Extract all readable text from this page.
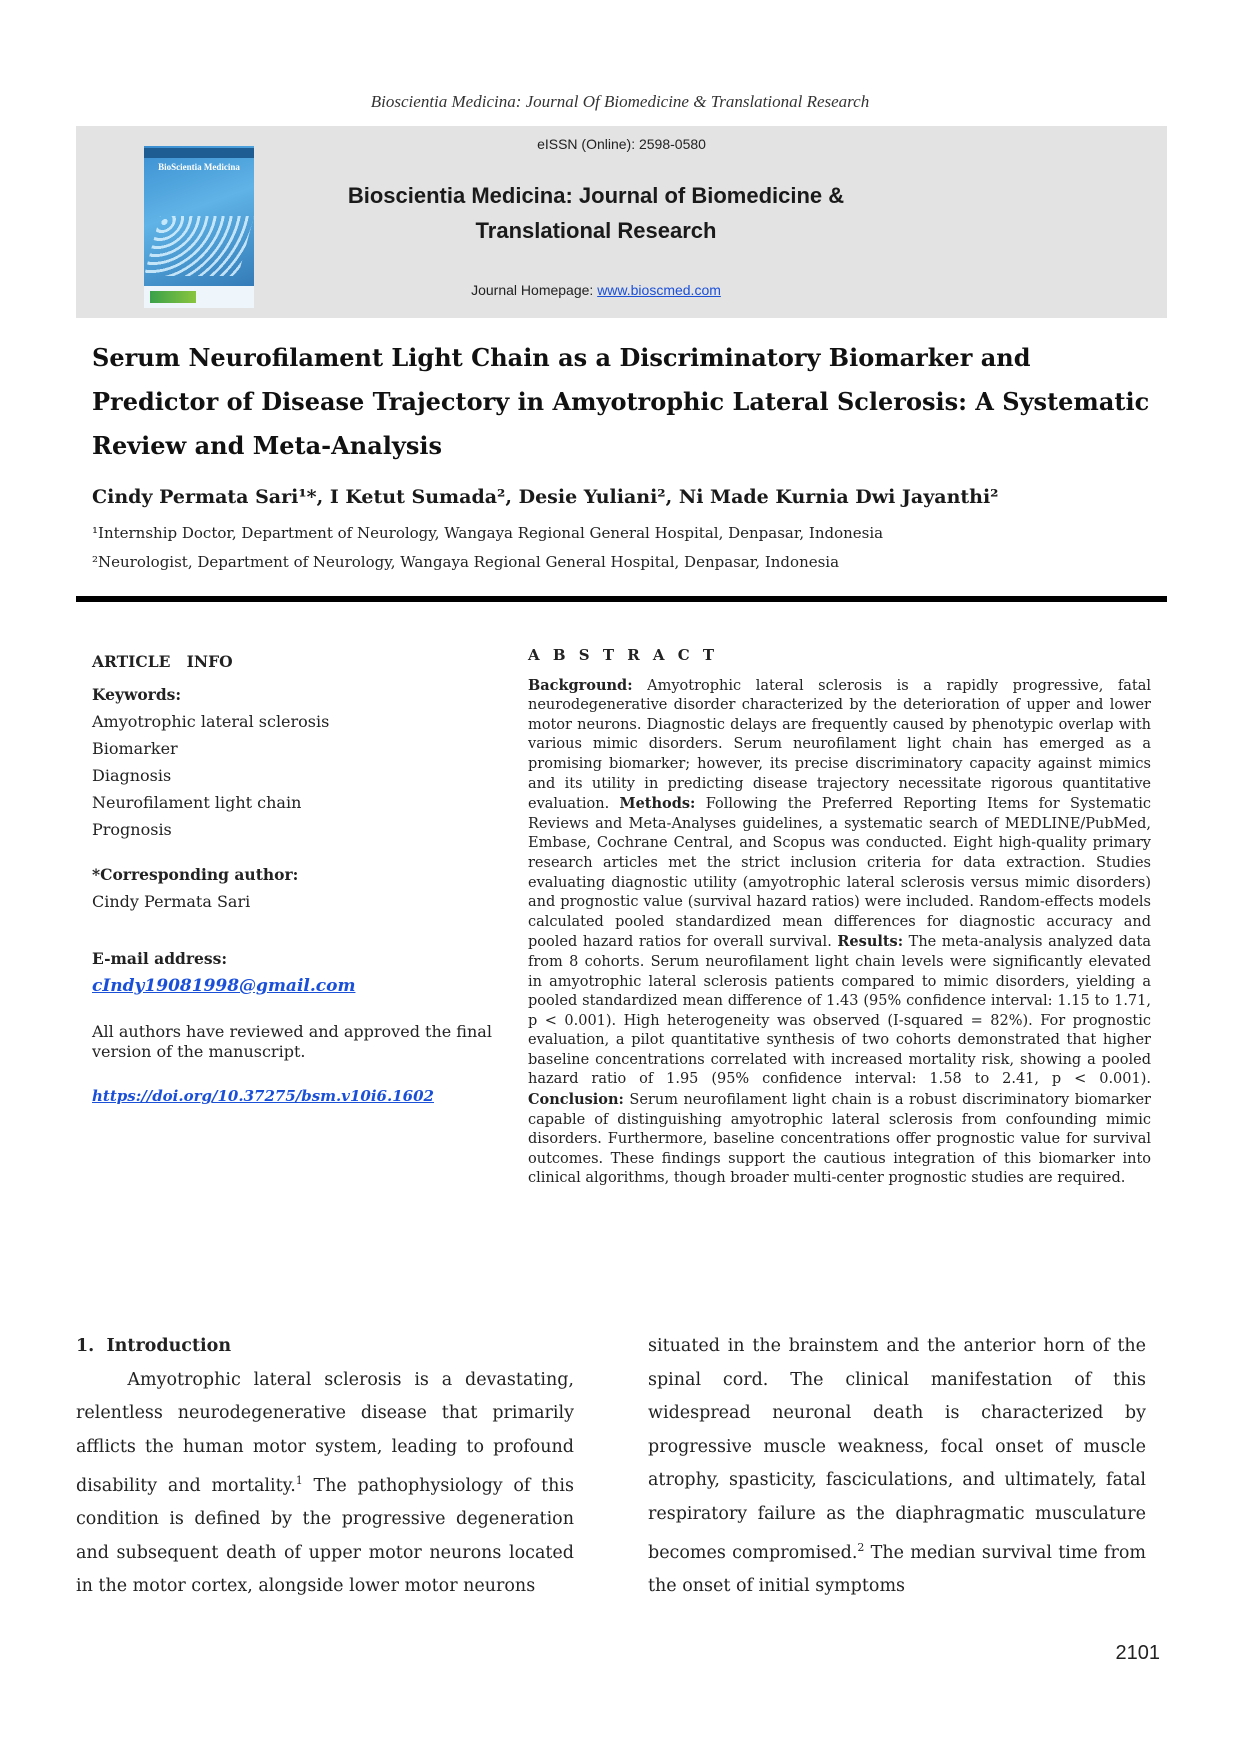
Bioscientia Medicina: Journal Of Biomedicine & Translational Research
eISSN (Online): 2598-0580
BioScientia Medicina
Bioscientia Medicina: Journal of Biomedicine &
Translational Research
Journal Homepage: www.bioscmed.com
Serum Neurofilament Light Chain as a Discriminatory Biomarker and Predictor of Disease Trajectory in Amyotrophic Lateral Sclerosis: A Systematic Review and Meta-Analysis
Cindy Permata Sari¹*, I Ketut Sumada², Desie Yuliani², Ni Made Kurnia Dwi Jayanthi²
¹Internship Doctor, Department of Neurology, Wangaya Regional General Hospital, Denpasar, Indonesia
²Neurologist, Department of Neurology, Wangaya Regional General Hospital, Denpasar, Indonesia
ARTICLE   INFO
Keywords:
Amyotrophic lateral sclerosis
Biomarker
Diagnosis
Neurofilament light chain
Prognosis
*Corresponding author:
Cindy Permata Sari
E-mail address:
cIndy19081998@gmail.com
All authors have reviewed and approved the final version of the manuscript.
https://doi.org/10.37275/bsm.v10i6.1602
A B S T R A C T

Background: Amyotrophic lateral sclerosis is a rapidly progressive, fatal neurodegenerative disorder characterized by the deterioration of upper and lower motor neurons. Diagnostic delays are frequently caused by phenotypic overlap with various mimic disorders. Serum neurofilament light chain has emerged as a promising biomarker; however, its precise discriminatory capacity against mimics and its utility in predicting disease trajectory necessitate rigorous quantitative evaluation. Methods: Following the Preferred Reporting Items for Systematic Reviews and Meta-Analyses guidelines, a systematic search of MEDLINE/PubMed, Embase, Cochrane Central, and Scopus was conducted. Eight high-quality primary research articles met the strict inclusion criteria for data extraction. Studies evaluating diagnostic utility (amyotrophic lateral sclerosis versus mimic disorders) and prognostic value (survival hazard ratios) were included. Random-effects models calculated pooled standardized mean differences for diagnostic accuracy and pooled hazard ratios for overall survival. Results: The meta-analysis analyzed data from 8 cohorts. Serum neurofilament light chain levels were significantly elevated in amyotrophic lateral sclerosis patients compared to mimic disorders, yielding a pooled standardized mean difference of 1.43 (95% confidence interval: 1.15 to 1.71, p < 0.001). High heterogeneity was observed (I-squared = 82%). For prognostic evaluation, a pilot quantitative synthesis of two cohorts demonstrated that higher baseline concentrations correlated with increased mortality risk, showing a pooled hazard ratio of 1.95 (95% confidence interval: 1.58 to 2.41, p < 0.001). Conclusion: Serum neurofilament light chain is a robust discriminatory biomarker capable of distinguishing amyotrophic lateral sclerosis from confounding mimic disorders. Furthermore, baseline concentrations offer prognostic value for survival outcomes. These findings support the cautious integration of this biomarker into clinical algorithms, though broader multi-center prognostic studies are required.

1.  Introduction

Amyotrophic lateral sclerosis is a devastating, relentless neurodegenerative disease that primarily afflicts the human motor system, leading to profound disability and mortality.$^1$ The pathophysiology of this condition is defined by the progressive degeneration and subsequent death of upper motor neurons located in the motor cortex, alongside lower motor neurons

situated in the brainstem and the anterior horn of the spinal cord. The clinical manifestation of this widespread neuronal death is characterized by progressive muscle weakness, focal onset of muscle atrophy, spasticity, fasciculations, and ultimately, fatal respiratory failure as the diaphragmatic musculature becomes compromised.$^2$ The median survival time from the onset of initial symptoms

2101
